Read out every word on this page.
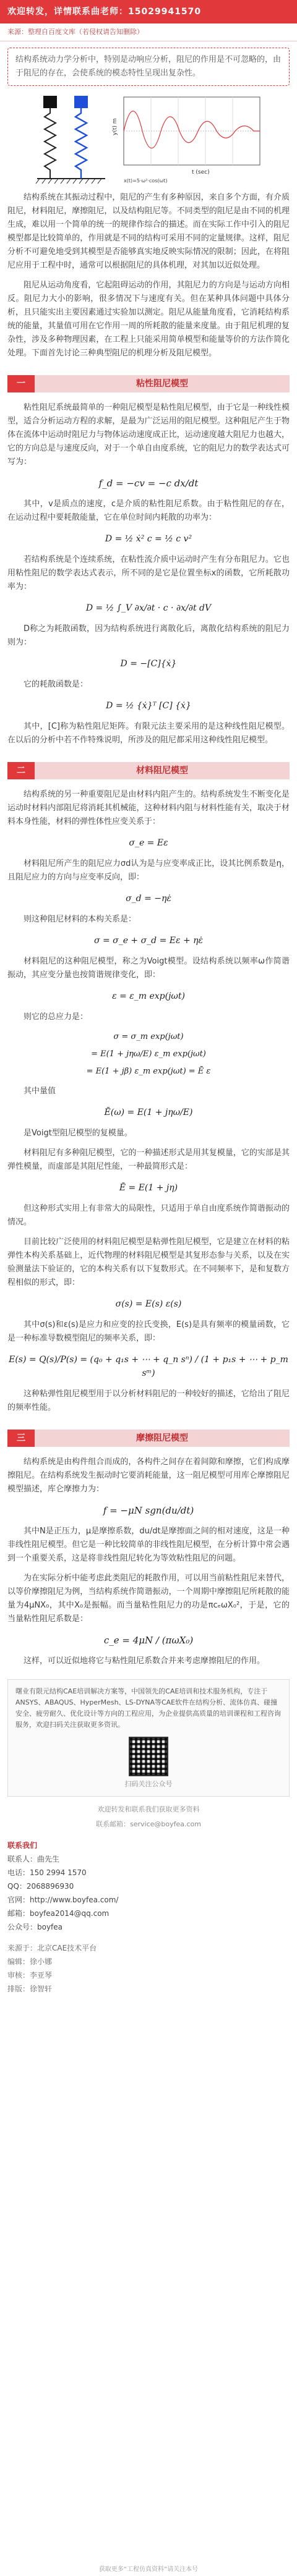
欢迎转发，详情联系曲老师：15029941570
来源：整理自百度文库（若侵权请告知删除）
结构系统动力学分析中，特别是动响应分析，阻尼的作用是不可忽略的，由于阻尼的存在，会使系统的模态特性呈现出复杂性。
t (sec)
y(t) m
x(t)=5·ω²·cos(ωt)

结构系统在其振动过程中，阻尼的产生有多种原因，来自多个方面，有介质阻尼，材料阻尼，摩擦阻尼，以及结构阻尼等。不同类型的阻尼是由不同的机理生成，难以用一个简单的统一的规律作综合的描述。而在实际工作中引入的阻尼模型都是比较简单的，作用就是不同的结构可采用不同的定量规律。这样，阻尼分析不可避免地受到其模型是否能够真实地反映实际情况的限制；因此，在将阻尼应用于工程中时，通常可以根据阻尼的具体机理，对其加以近似处理。

阻尼从运动角度看，它起阻碍运动的作用，其阻尼力的方向是与运动方向相反。阻尼力大小的影响，很多情况下与速度有关。但在某种具体问题中具体分析，且只能实出主要因素通过实验加以测定。阻尼从能量角度看，它消耗结构系统的能量，其量值可用在它作用一周的所耗散的能量来度量。由于阻尼机理的复杂性，涉及多种物理因素，在工程上只能采用简单模型和能量等价的方法作简化处理。下面首先讨论三种典型阻尼的机理分析及阻尼模型。

一	粘性阻尼模型

粘性阻尼系统最简单的一种阻尼模型是粘性阻尼模型，由于它是一种线性模型，适合分析运动方程的求解，是最为广泛运用的阻尼模型。这种阻尼产生于物体在流体中运动时阻尼力与物体运动速度成正比，运动速度越大阻尼力也越大，它的方向总是与速度反向，对于一个单自由度系统，它的阻尼力的数学表达式可写为：

f_d = −cv = −c dx/dt

其中，v是质点的速度，c是介质的粘性阻尼系数。由于粘性阻尼的存在，在运动过程中要耗散能量，它在单位时间内耗散的功率为：

D = ½ ẋ² c = ½ c v²

若结构系统是个连续系统，在粘性流介质中运动时产生有分布阻尼力。它也用粘性阻尼的数学表达式表示，所不同的是它是位置坐标x的函数，它所耗散功率为：

D = ½ ∫_V ∂x/∂t · c · ∂x/∂t dV

D称之为耗散函数，因为结构系统进行离散化后，离散化结构系统的阻尼力则为：

D = −[C]{ẋ}

它的耗散函数是：

D = ½ {ẋ}ᵀ [C] {ẋ}

其中，[C]称为粘性阻尼矩阵。有限元法主要采用的是这种线性阻尼模型。在以后的分析中若不作特殊说明，所涉及的阻尼都采用这种线性阻尼模型。

二	材料阻尼模型

结构系统的另一种重要阻尼是由材料内阻产生的。结构系统发生不断变化是运动时材料内部阻尼将消耗其机械能，这种材料内阻与材料性能有关，取决于材料本身性能，材料的弹性体性应变关系于：

σ_e = Eε

材料阻尼所产生的阻尼应力σd认为是与应变率成正比，设其比例系数是η，且阻尼应力的方向与应变率反向，即：

σ_d = −ηε̇

则这种阻尼材料的本构关系是：

σ = σ_e + σ_d = Eε + ηε̇

材料阻尼的这种阻尼模型，称之为Voigt模型。设结构系统以频率ω作简谐振动，其应变分量也按简谐规律变化，即：

ε = ε_m exp(jωt)

则它的总应力是：

σ = σ_m exp(jωt)
= E(1 + jηω/E) ε_m exp(jωt)
= E(1 + jβ) ε_m exp(jωt) = Ē ε

其中量值

Ē(ω) = E(1 + jηω/E)

是Voigt型阻尼模型的复模量。

材料阻尼有多种阻尼模型，它的一种描述形式是用其复模量，它的实部是其弹性模量，而虚部是其阻尼性能，一种最简形式是：

Ē = E(1 + jη)

但这种形式实用上有非常大的局限性，只适用于单自由度系统作简谐振动的情况。

目前比较广泛使用的材料阻尼模型是粘弹性阻尼模型，它是建立在材料的粘弹性本构关系基础上，近代物理的材料阻尼模型是其复形态参与关系，以及在实验测量法下验证的，它的本构关系有以下复数形式。在不同频率下，是和复数方程相似的形式，即：

σ(s) = E(s) ε(s)

其中σ(s)和ε(s)是应力和应变的拉氏变换，E(s)是具有频率的模量函数，它是一种标准导数模型阻尼的频率关系，即：

E(s) = Q(s)/P(s) = (q₀ + q₁s + ⋯ + q_n sⁿ) / (1 + p₁s + ⋯ + p_m sᵐ)

这种粘弹性阻尼模型用于以分析材料阻尼的一种较好的描述，它给出了阻尼的频率性能。

三	摩擦阻尼模型

结构系统是由构件组合而成的，各构件之间存在着间隙和摩擦，它们构成摩擦阻尼。在结构系统发生振动时它要消耗能量，这一阻尼模型可用库仑摩擦阻尼模型描述，库仑摩擦力为：

f = −μN sgn(du/dt)

其中N是正压力，μ是摩擦系数，du/dt是摩擦面之间的相对速度，这是一种非线性阻尼模型。但它是一种比较简单的非线性阻尼模型，在分析计算中常会遇到一个重要关系，这是将非线性阻尼转化为等效粘性阻尼的问题。

为在实际分析中能考虑此类阻尼的耗散作用，可以用当前粘性阻尼来替代，以等价摩擦阻尼为例，当结构系统作简谐振动，一个周期中摩擦阻尼所耗散的能量为4μNX₀，其中X₀是振幅。而当量粘性阻尼力的功是πcₑωX₀²，于是，它的当量粘性阻尼系数是：

c_e = 4μN / (πωX₀)

这样，可以近似地将它与粘性阻尼系数合并来考虑摩擦阻尼的作用。

曙业有限元结构CAE培训解决方案等，中国领先的CAE培训和技术服务机构，专注于ANSYS、ABAQUS、HyperMesh、LS-DYNA等CAE软件在结构分析、流体仿真、碰撞安全、疲劳耐久、优化设计等方向的工程应用，为企业提供高质量的培训课程和工程咨询服务，欢迎扫码关注获取更多资讯。
扫码关注公众号
欢迎转发和联系我们获取更多资料
联系邮箱：service@boyfea.com
联系我们
联系人：曲先生
电话：150 2994 1570
QQ：2068896930
官网：http://www.boyfea.com/
邮箱：boyfea2014@qq.com
公众号：boyfea
来源于：北京CAE技术平台
编辑：徐小娜
审核：李亚琴
排版：徐智轩
获取更多“工程仿真资料”请关注本号
